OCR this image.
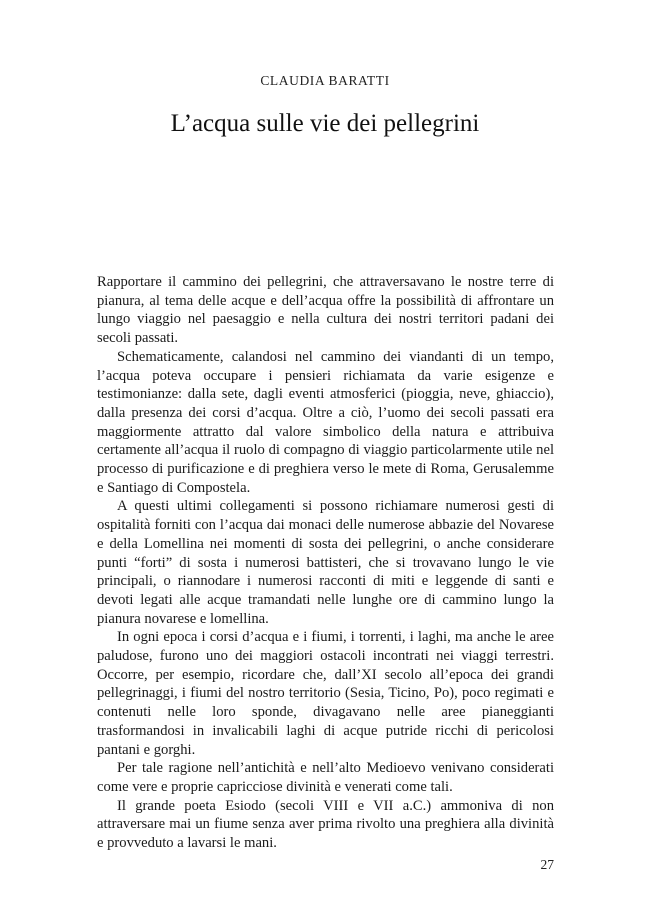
CLAUDIA BARATTI
L’acqua sulle vie dei pellegrini

Rapportare il cammino dei pellegrini, che attraversavano le nostre terre di pianura, al tema delle acque e dell’acqua offre la possibilità di affrontare un lungo viaggio nel paesaggio e nella cultura dei nostri territori padani dei secoli passati.

Schematicamente, calandosi nel cammino dei viandanti di un tempo, l’acqua poteva occupare i pensieri richiamata da varie esigenze e testimonianze: dalla sete, dagli eventi atmosferici (pioggia, neve, ghiaccio), dalla presenza dei corsi d’acqua. Oltre a ciò, l’uomo dei secoli passati era maggiormente attratto dal valore simbolico della natura e attribuiva certamente all’acqua il ruolo di compagno di viaggio particolarmente utile nel processo di purificazione e di preghiera verso le mete di Roma, Gerusalemme e Santiago di Compostela.

A questi ultimi collegamenti si possono richiamare numerosi gesti di ospitalità forniti con l’acqua dai monaci delle numerose abbazie del Novarese e della Lomellina nei momenti di sosta dei pellegrini, o anche considerare punti “forti” di sosta i numerosi battisteri, che si trovavano lungo le vie principali, o riannodare i numerosi racconti di miti e leggende di santi e devoti legati alle acque tramandati nelle lunghe ore di cammino lungo la pianura novarese e lomellina.

In ogni epoca i corsi d’acqua e i fiumi, i torrenti, i laghi, ma anche le aree paludose, furono uno dei maggiori ostacoli incontrati nei viaggi terrestri. Occorre, per esempio, ricordare che, dall’XI secolo all’epoca dei grandi pellegrinaggi, i fiumi del nostro territorio (Sesia, Ticino, Po), poco regimati e contenuti nelle loro sponde, divagavano nelle aree pianeggianti trasformandosi in invalicabili laghi di acque putride ricchi di pericolosi pantani e gorghi.

Per tale ragione nell’antichità e nell’alto Medioevo venivano considerati come vere e proprie capricciose divinità e venerati come tali.

Il grande poeta Esiodo (secoli VIII e VII a.C.) ammoniva di non attraversare mai un fiume senza aver prima rivolto una preghiera alla divinità e provveduto a lavarsi le mani.

27
